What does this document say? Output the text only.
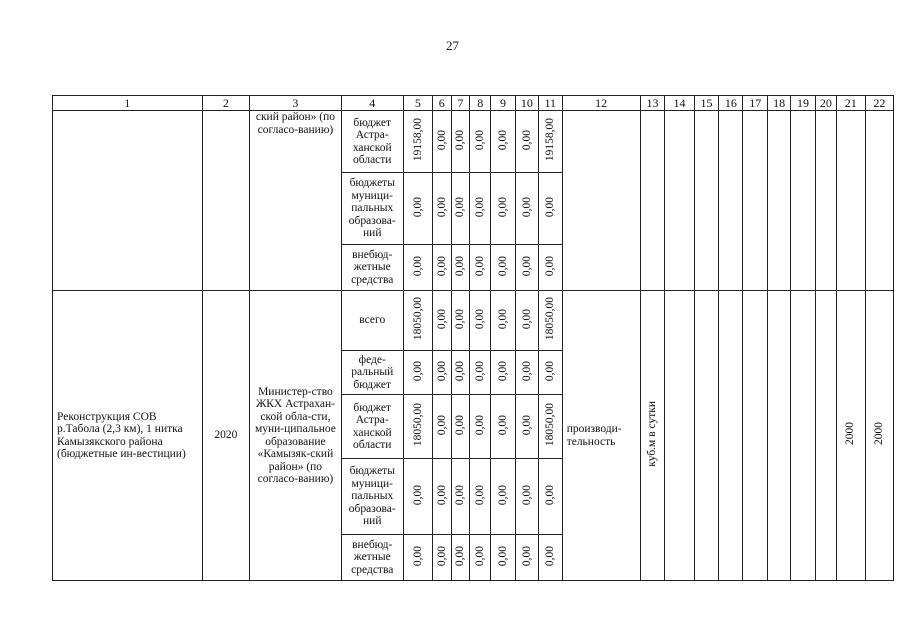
27
1	2	3	4	5	6	7	8	9	10	11	12	13	14	15	16	17	18	19	20	21	22
		ский район» (по согласо-ванию)	бюджет Астра-ханской области	19158,00	0,00	0,00	0,00	0,00	0,00	19158,00											
			бюджеты муници-пальных образова-ний	0,00	0,00	0,00	0,00	0,00	0,00	0,00											
			внебюд-жетные средства	0,00	0,00	0,00	0,00	0,00	0,00	0,00											
Реконструкция СОВ р.Табола (2,3 км), 1 нитка Камызякского района (бюджетные ин-вестиции)	2020	Министер-ство ЖКХ Астрахан-ской обла-сти, муни-ципальное образование «Камызяк-ский район» (по согласо-ванию)	всего	18050,00	0,00	0,00	0,00	0,00	0,00	18050,00	производи-тельность	куб.м в сутки								2000	2000
			феде-ральный бюджет	0,00	0,00	0,00	0,00	0,00	0,00	0,00											
			бюджет Астра-ханской области	18050,00	0,00	0,00	0,00	0,00	0,00	18050,00											
			бюджеты муници-пальных образова-ний	0,00	0,00	0,00	0,00	0,00	0,00	0,00											
			внебюд-жетные средства	0,00	0,00	0,00	0,00	0,00	0,00	0,00											
